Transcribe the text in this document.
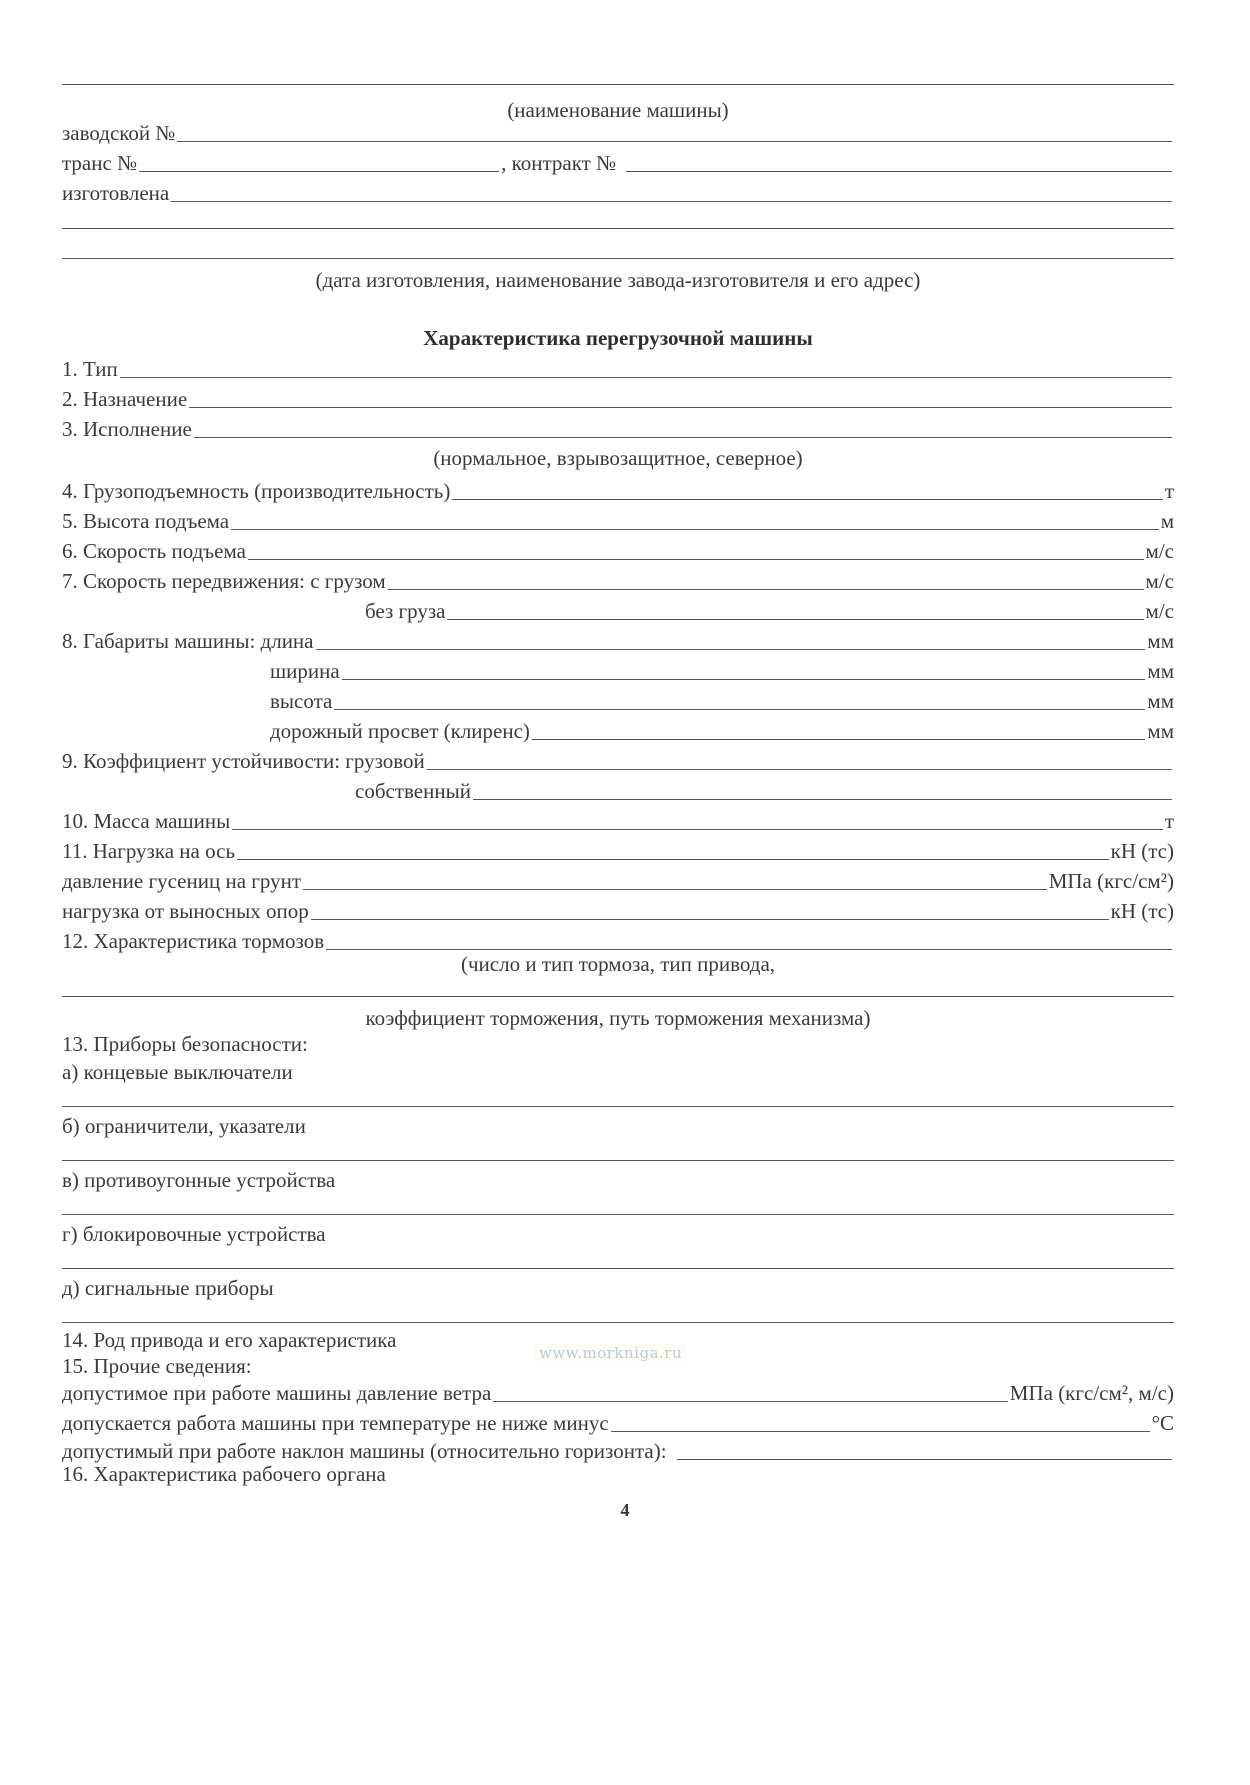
(наименование машины)
заводской №
транс №	, контракт №
изготовлена
(дата изготовления, наименование завода-изготовителя и его адрес)
Характеристика перегрузочной машины
1. Тип
2. Назначение
3. Исполнение
(нормальное, взрывозащитное, северное)
4. Грузоподъемность (производительность)	т
5. Высота подъема	м
6. Скорость подъема	м/с
7. Скорость передвижения: с грузом	м/с
без груза	м/с
8. Габариты машины: длина	мм
ширина	мм
высота	мм
дорожный просвет (клиренс)	мм
9. Коэффициент устойчивости: грузовой
собственный
10. Масса машины	т
11. Нагрузка на ось	кН (тс)
давление гусениц на грунт	МПа (кгс/см²)
нагрузка от выносных опор	кН (тс)
12. Характеристика тормозов
(число и тип тормоза, тип привода,
коэффициент торможения, путь торможения механизма)
13. Приборы безопасности:
а) концевые выключатели
б) ограничители, указатели
в) противоугонные устройства
г) блокировочные устройства
д) сигнальные приборы
14. Род привода и его характеристика
www.morkniga.ru
15. Прочие сведения:
допустимое при работе машины давление ветра	МПа (кгс/см², м/с)
допускается работа машины при температуре не ниже минус	°С
допустимый при работе наклон машины (относительно горизонта):
16. Характеристика рабочего органа
4
